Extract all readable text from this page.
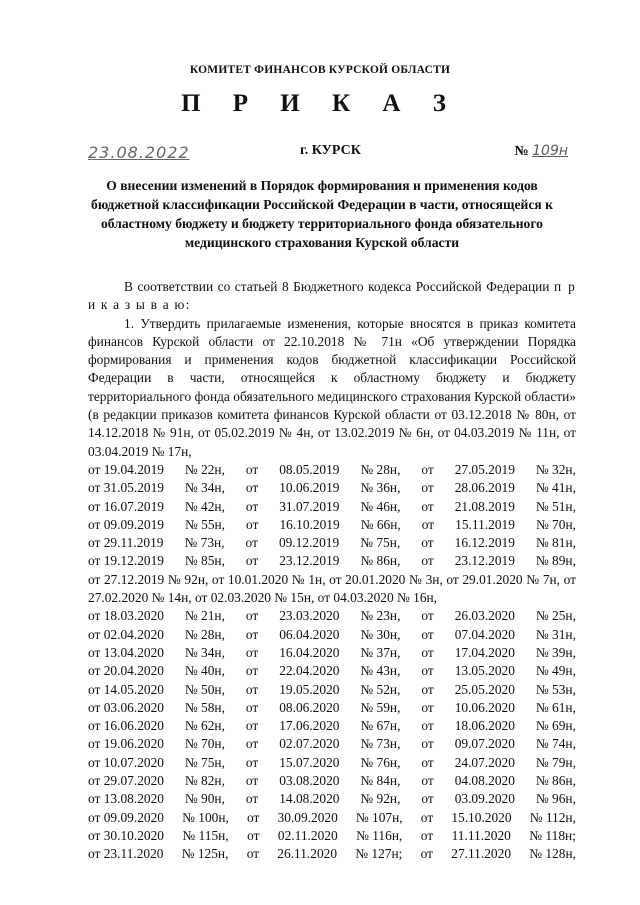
КОМИТЕТ ФИНАНСОВ КУРСКОЙ ОБЛАСТИ
П Р И К А З
23.08.2022	г. КУРСК	№ 109н
О внесении изменений в Порядок формирования и применения кодов бюджетной классификации Российской Федерации в части, относящейся к областному бюджету и бюджету территориального фонда обязательного медицинского страхования Курской области

В соответствии со статьей 8 Бюджетного кодекса Российской Федерации п р и к а з ы в а ю:

1. Утвердить прилагаемые изменения, которые вносятся в приказ комитета финансов Курской области от 22.10.2018 № 71н «Об утверждении Порядка формирования и применения кодов бюджетной классификации Российской Федерации в части, относящейся к областному бюджету и бюджету территориального фонда обязательного медицинского страхования Курской области» (в редакции приказов комитета финансов Курской области от 03.12.2018 № 80н, от 14.12.2018 № 91н, от 05.02.2019 № 4н, от 13.02.2019 № 6н, от 04.03.2019 № 11н, от 03.04.2019 № 17н,

от 19.04.2019 № 22н, от 08.05.2019 № 28н, от 27.05.2019 № 32н,
от 31.05.2019 № 34н, от 10.06.2019 № 36н, от 28.06.2019 № 41н,
от 16.07.2019 № 42н, от 31.07.2019 № 46н, от 21.08.2019 № 51н,
от 09.09.2019 № 55н, от 16.10.2019 № 66н, от 15.11.2019 № 70н,
от 29.11.2019 № 73н, от 09.12.2019 № 75н, от 16.12.2019 № 81н,
от 19.12.2019 № 85н, от 23.12.2019 № 86н, от 23.12.2019 № 89н,

от 27.12.2019 № 92н, от 10.01.2020 № 1н, от 20.01.2020 № 3н, от 29.01.2020 № 7н, от 27.02.2020 № 14н, от 02.03.2020 № 15н, от 04.03.2020 № 16н,

от 18.03.2020 № 21н, от 23.03.2020 № 23н, от 26.03.2020 № 25н,
от 02.04.2020 № 28н, от 06.04.2020 № 30н, от 07.04.2020 № 31н,
от 13.04.2020 № 34н, от 16.04.2020 № 37н, от 17.04.2020 № 39н,
от 20.04.2020 № 40н, от 22.04.2020 № 43н, от 13.05.2020 № 49н,
от 14.05.2020 № 50н, от 19.05.2020 № 52н, от 25.05.2020 № 53н,
от 03.06.2020 № 58н, от 08.06.2020 № 59н, от 10.06.2020 № 61н,
от 16.06.2020 № 62н, от 17.06.2020 № 67н, от 18.06.2020 № 69н,
от 19.06.2020 № 70н, от 02.07.2020 № 73н, от 09.07.2020 № 74н,
от 10.07.2020 № 75н, от 15.07.2020 № 76н, от 24.07.2020 № 79н,
от 29.07.2020 № 82н, от 03.08.2020 № 84н, от 04.08.2020 № 86н,
от 13.08.2020 № 90н, от 14.08.2020 № 92н, от 03.09.2020 № 96н,
от 09.09.2020 № 100н, от 30.09.2020 № 107н, от 15.10.2020 № 112н,
от 30.10.2020 № 115н, от 02.11.2020 № 116н, от 11.11.2020 № 118н;
от 23.11.2020 № 125н, от 26.11.2020 № 127н; от 27.11.2020 № 128н,
